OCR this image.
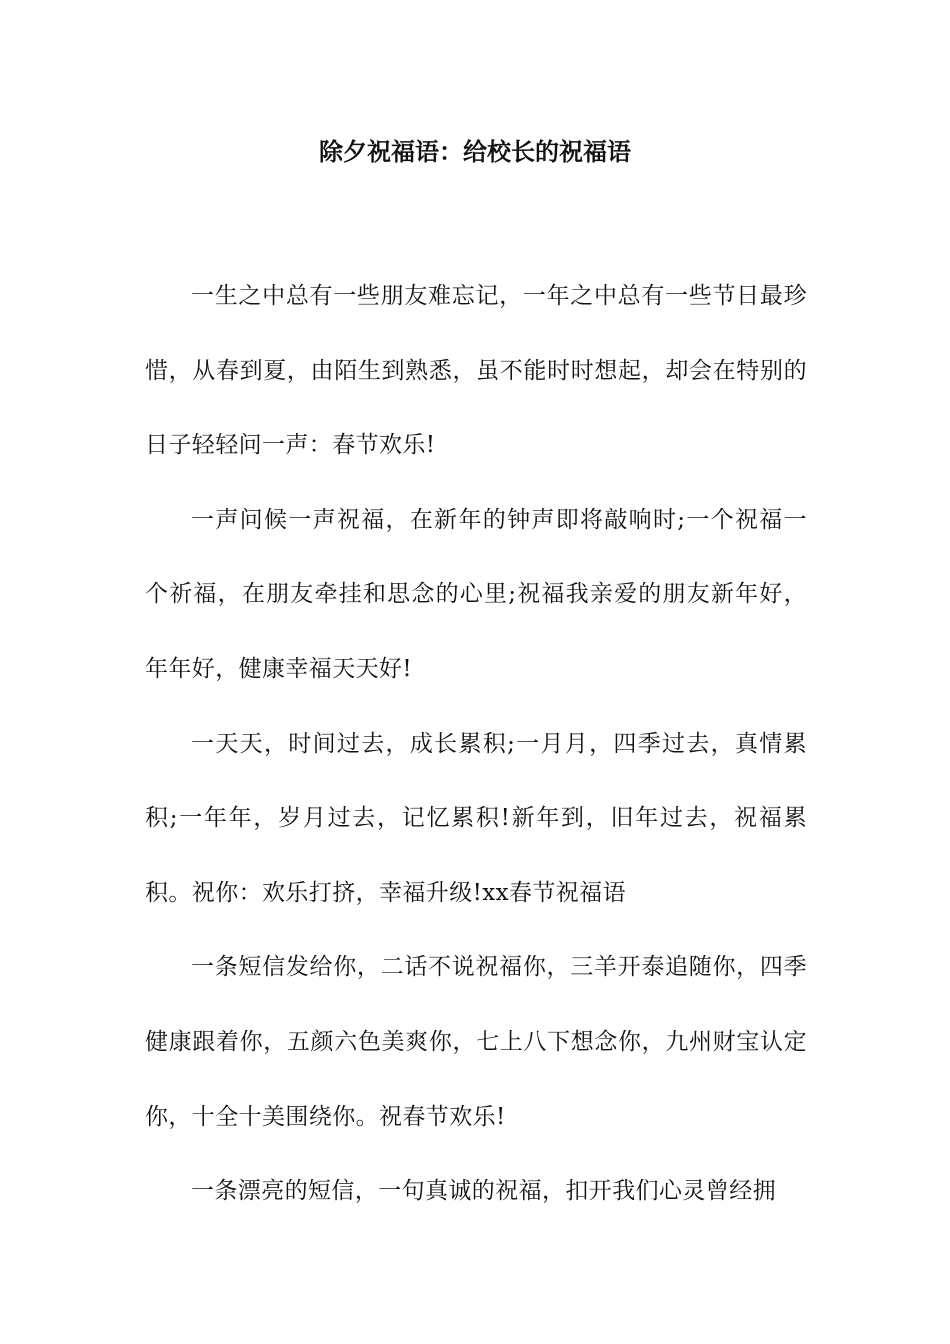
除夕祝福语：给校长的祝福语

一生之中总有一些朋友难忘记，一年之中总有一些节日最珍惜，从春到夏，由陌生到熟悉，虽不能时时想起，却会在特别的日子轻轻问一声：春节欢乐!

一声问候一声祝福，在新年的钟声即将敲响时;一个祝福一个祈福，在朋友牵挂和思念的心里;祝福我亲爱的朋友新年好，年年好，健康幸福天天好!

一天天，时间过去，成长累积;一月月，四季过去，真情累积;一年年，岁月过去，记忆累积!新年到，旧年过去，祝福累积。祝你：欢乐打挤，幸福升级!xx春节祝福语

一条短信发给你，二话不说祝福你，三羊开泰追随你，四季健康跟着你，五颜六色美爽你，七上八下想念你，九州财宝认定你，十全十美围绕你。祝春节欢乐!

一条漂亮的短信，一句真诚的祝福，扣开我们心灵曾经拥
